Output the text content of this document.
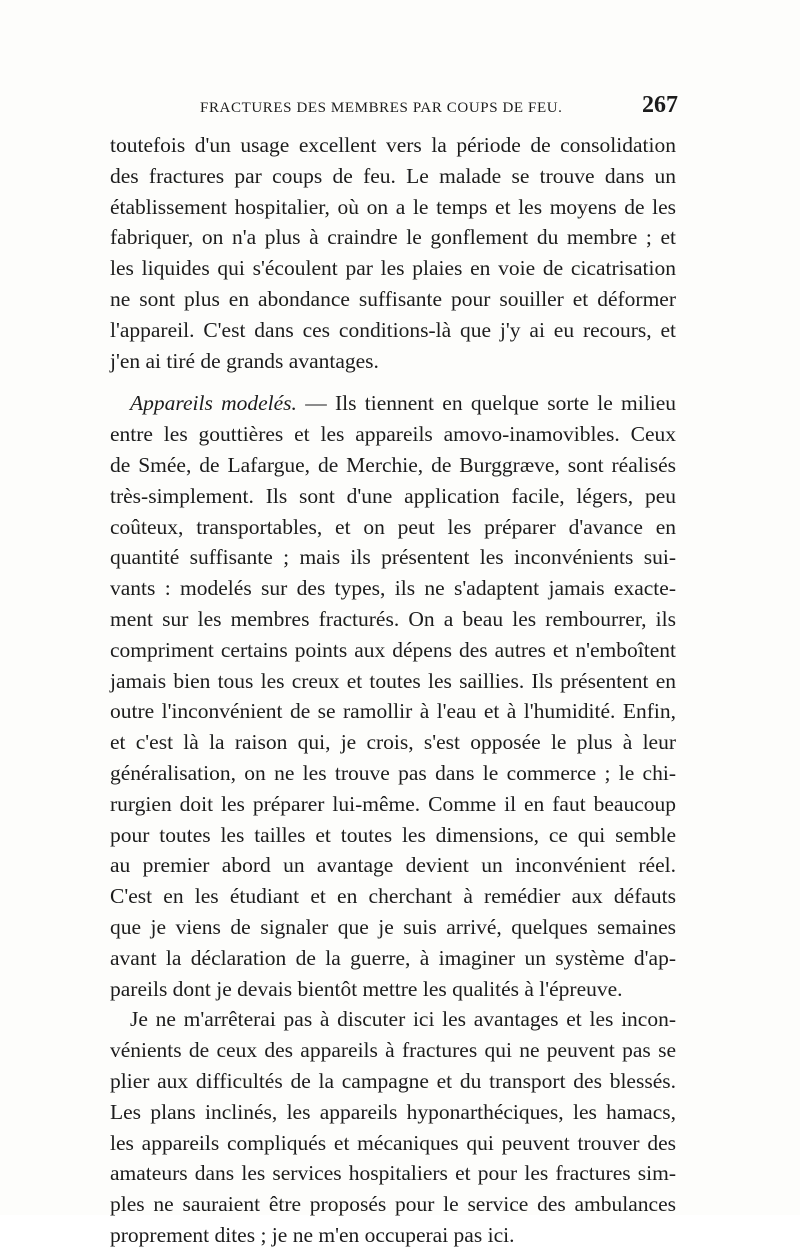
FRACTURES DES MEMBRES PAR COUPS DE FEU.	267
toutefois d'un usage excellent vers la période de consolidation
des fractures par coups de feu. Le malade se trouve dans un
établissement hospitalier, où on a le temps et les moyens de les
fabriquer, on n'a plus à craindre le gonflement du membre ; et
les liquides qui s'écoulent par les plaies en voie de cicatrisation
ne sont plus en abondance suffisante pour souiller et déformer
l'appareil. C'est dans ces conditions-là que j'y ai eu recours, et
j'en ai tiré de grands avantages.
Appareils modelés. — Ils tiennent en quelque sorte le milieu
entre les gouttières et les appareils amovo-inamovibles. Ceux
de Smée, de Lafargue, de Merchie, de Burggræve, sont réalisés
très-simplement. Ils sont d'une application facile, légers, peu
coûteux, transportables, et on peut les préparer d'avance en
quantité suffisante ; mais ils présentent les inconvénients sui-
vants : modelés sur des types, ils ne s'adaptent jamais exacte-
ment sur les membres fracturés. On a beau les rembourrer, ils
compriment certains points aux dépens des autres et n'emboîtent
jamais bien tous les creux et toutes les saillies. Ils présentent en
outre l'inconvénient de se ramollir à l'eau et à l'humidité. Enfin,
et c'est là la raison qui, je crois, s'est opposée le plus à leur
généralisation, on ne les trouve pas dans le commerce ; le chi-
rurgien doit les préparer lui-même. Comme il en faut beaucoup
pour toutes les tailles et toutes les dimensions, ce qui semble
au premier abord un avantage devient un inconvénient réel.
C'est en les étudiant et en cherchant à remédier aux défauts
que je viens de signaler que je suis arrivé, quelques semaines
avant la déclaration de la guerre, à imaginer un système d'ap-
pareils dont je devais bientôt mettre les qualités à l'épreuve.
Je ne m'arrêterai pas à discuter ici les avantages et les incon-
vénients de ceux des appareils à fractures qui ne peuvent pas se
plier aux difficultés de la campagne et du transport des blessés.
Les plans inclinés, les appareils hyponarthéciques, les hamacs,
les appareils compliqués et mécaniques qui peuvent trouver des
amateurs dans les services hospitaliers et pour les fractures sim-
ples ne sauraient être proposés pour le service des ambulances
proprement dites ; je ne m'en occuperai pas ici.
